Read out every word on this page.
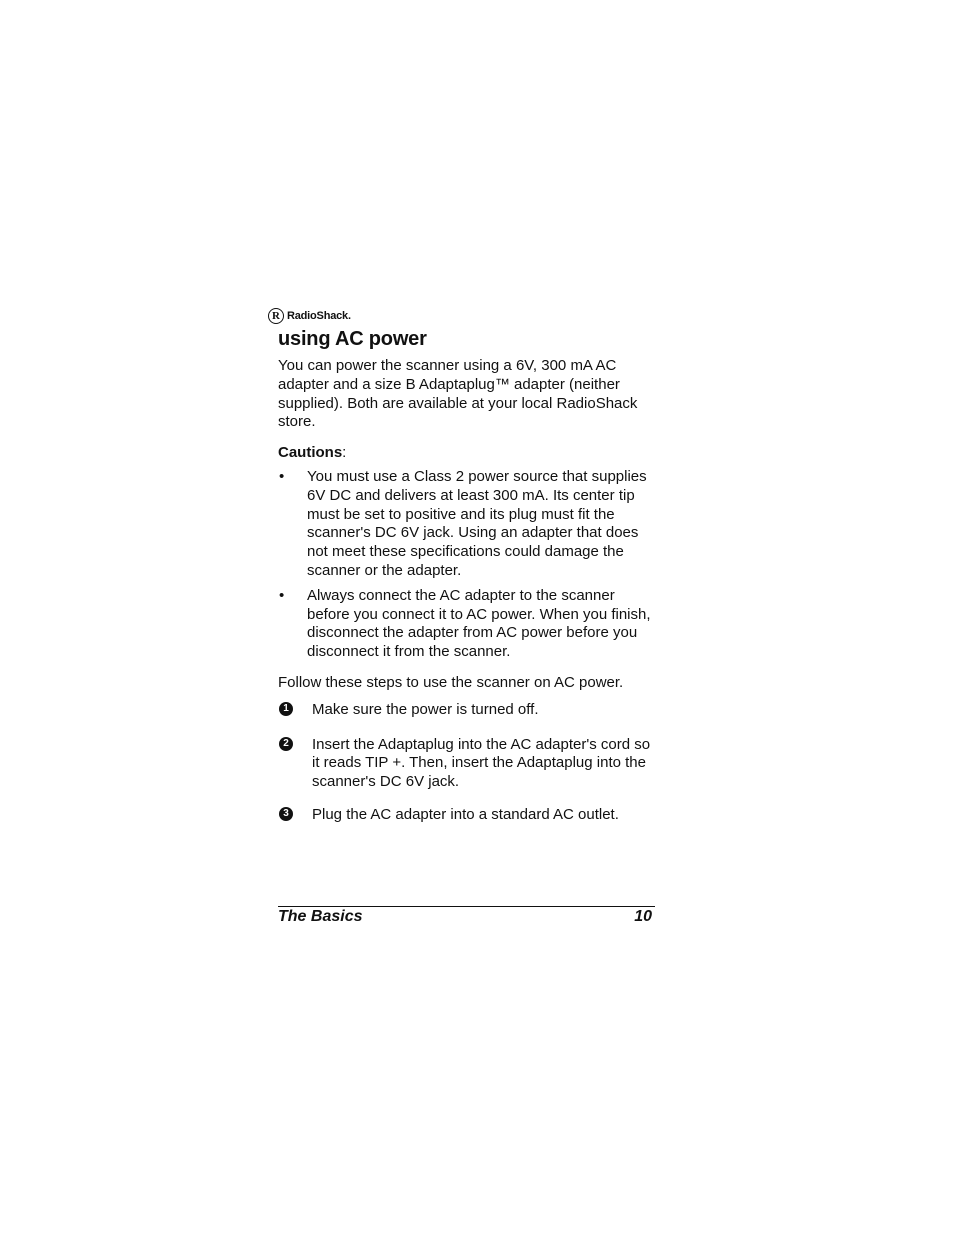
R RadioShack.
using AC power

You can power the scanner using a 6V, 300 mA AC adapter and a size B Adaptaplug™ adapter (neither supplied). Both are available at your local RadioShack store.

Cautions:

• You must use a Class 2 power source that supplies 6V DC and delivers at least 300 mA. Its center tip must be set to positive and its plug must fit the scanner's DC 6V jack. Using an adapter that does not meet these specifications could damage the scanner or the adapter.
• Always connect the AC adapter to the scanner before you connect it to AC power. When you finish, disconnect the adapter from AC power before you disconnect it from the scanner.

Follow these steps to use the scanner on AC power.

1 Make sure the power is turned off.
2 Insert the Adaptaplug into the AC adapter's cord so it reads TIP +. Then, insert the Adaptaplug into the scanner's DC 6V jack.
3 Plug the AC adapter into a standard AC outlet.
The Basics	10
